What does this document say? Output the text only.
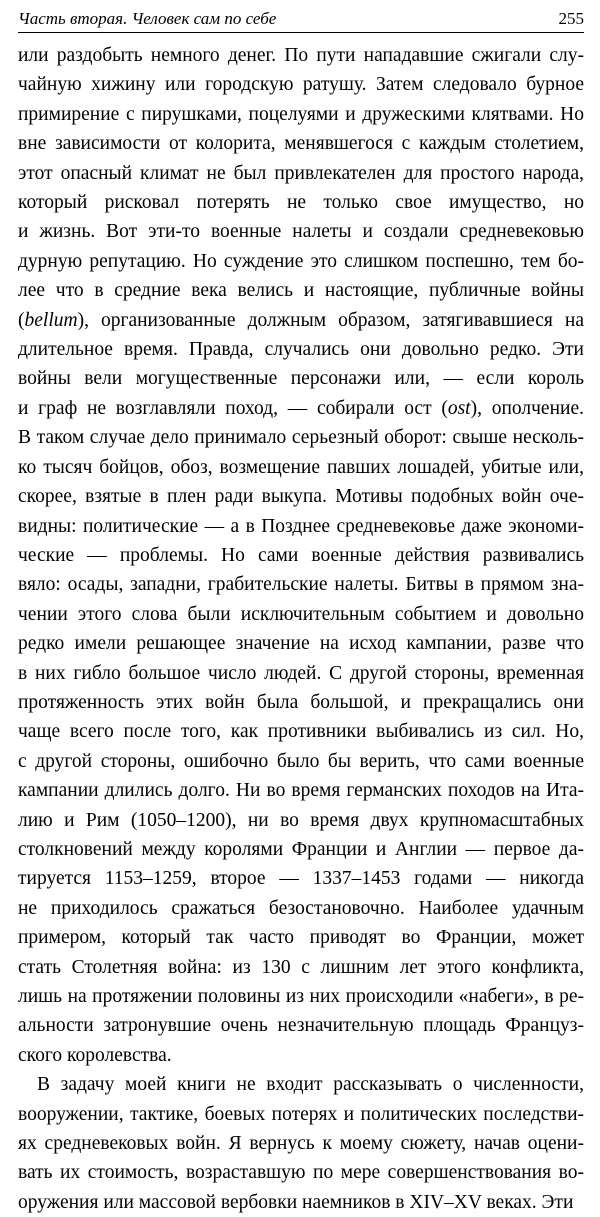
Часть вторая. Человек сам по себе	255
или раздобыть немного денег. По пути нападавшие сжигали слу-
чайную хижину или городскую ратушу. Затем следовало бурное
примирение с пирушками, поцелуями и дружескими клятвами. Но
вне зависимости от колорита, менявшегося с каждым столетием,
этот опасный климат не был привлекателен для простого народа,
который рисковал потерять не только свое имущество, но
и жизнь. Вот эти-то военные налеты и создали средневековью
дурную репутацию. Но суждение это слишком поспешно, тем бо-
лее что в средние века велись и настоящие, публичные войны
(bellum), организованные должным образом, затягивавшиеся на
длительное время. Правда, случались они довольно редко. Эти
войны вели могущественные персонажи или, — если король
и граф не возглавляли поход, — собирали ост (ost), ополчение.
В таком случае дело принимало серьезный оборот: свыше несколь-
ко тысяч бойцов, обоз, возмещение павших лошадей, убитые или,
скорее, взятые в плен ради выкупа. Мотивы подобных войн оче-
видны: политические — а в Позднее средневековье даже экономи-
ческие — проблемы. Но сами военные действия развивались
вяло: осады, западни, грабительские налеты. Битвы в прямом зна-
чении этого слова были исключительным событием и довольно
редко имели решающее значение на исход кампании, разве что
в них гибло большое число людей. С другой стороны, временная
протяженность этих войн была большой, и прекращались они
чаще всего после того, как противники выбивались из сил. Но,
с другой стороны, ошибочно было бы верить, что сами военные
кампании длились долго. Ни во время германских походов на Ита-
лию и Рим (1050–1200), ни во время двух крупномасштабных
столкновений между королями Франции и Англии — первое да-
тируется 1153–1259, второе — 1337–1453 годами — никогда
не приходилось сражаться безостановочно. Наиболее удачным
примером, который так часто приводят во Франции, может
стать Столетняя война: из 130 с лишним лет этого конфликта,
лишь на протяжении половины из них происходили «набеги», в ре-
альности затронувшие очень незначительную площадь Француз-
ского королевства.
В задачу моей книги не входит рассказывать о численности,
вооружении, тактике, боевых потерях и политических последстви-
ях средневековых войн. Я вернусь к моему сюжету, начав оцени-
вать их стоимость, возраставшую по мере совершенствования во-
оружения или массовой вербовки наемников в XIV–XV веках. Эти
